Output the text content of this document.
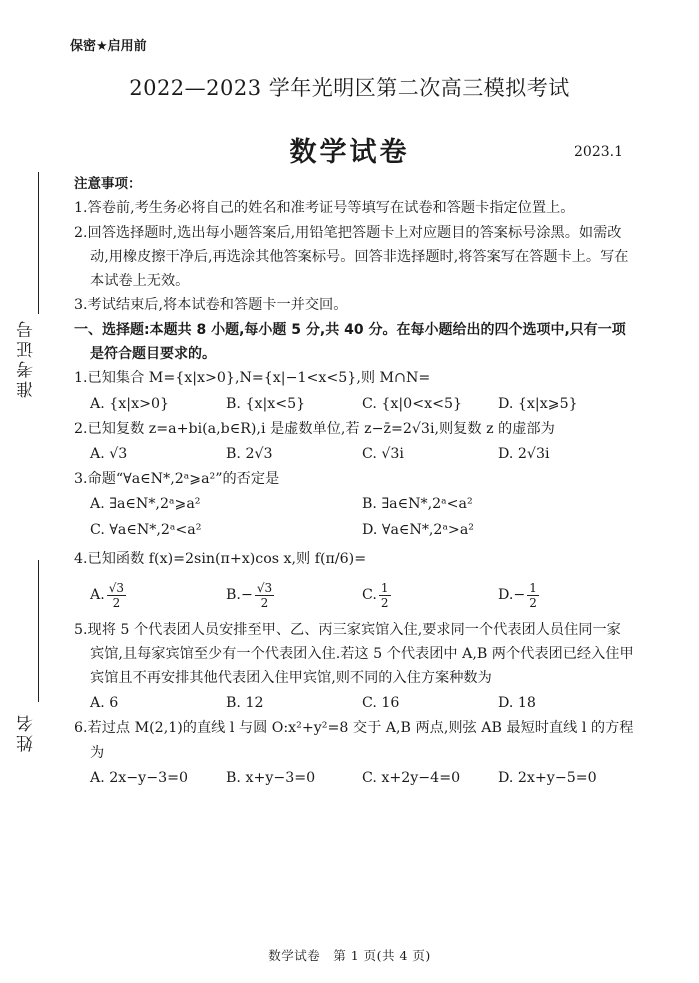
保密★启用前
2022—2023 学年光明区第二次高三模拟考试
数学试卷	2023.1
准考证号
姓名
注意事项：

1.答卷前,考生务必将自己的姓名和准考证号等填写在试卷和答题卡指定位置上。

2.回答选择题时,选出每小题答案后,用铅笔把答题卡上对应题目的答案标号涂黑。如需改动,用橡皮擦干净后,再选涂其他答案标号。回答非选择题时,将答案写在答题卡上。写在本试卷上无效。

3.考试结束后,将本试卷和答题卡一并交回。

一、选择题:本题共 8 小题,每小题 5 分,共 40 分。在每小题给出的四个选项中,只有一项是符合题目要求的。

1.已知集合 M={x|x>0},N={x|−1<x<5},则 M∩N=

A. {x|x>0}	B. {x|x<5}	C. {x|0<x<5}	D. {x|x⩾5}

2.已知复数 z=a+bi(a,b∈R),i 是虚数单位,若 z−z̄=2√3i,则复数 z 的虚部为

A. √3	B. 2√3	C. √3i	D. 2√3i

3.命题“∀a∈N*,2ᵃ⩾a²”的否定是

A. ∃a∈N*,2ᵃ⩾a²	B. ∃a∈N*,2ᵃ<a²
C. ∀a∈N*,2ᵃ<a²	D. ∀a∈N*,2ᵃ>a²

4.已知函数 f(x)=2sin(π+x)cos x,则 f(π/6)=

A. $\frac{√3}{2}$	B. − $\frac{√3}{2}$	C. $\frac{1}{2}$	D. − $\frac{1}{2}$

5.现将 5 个代表团人员安排至甲、乙、丙三家宾馆入住,要求同一个代表团人员住同一家宾馆,且每家宾馆至少有一个代表团入住.若这 5 个代表团中 A,B 两个代表团已经入住甲宾馆且不再安排其他代表团入住甲宾馆,则不同的入住方案种数为

A. 6	B. 12	C. 16	D. 18

6.若过点 M(2,1)的直线 l 与圆 O:x²+y²=8 交于 A,B 两点,则弦 AB 最短时直线 l 的方程为

A. 2x−y−3=0	B. x+y−3=0	C. x+2y−4=0	D. 2x+y−5=0
数学试卷　第 1 页(共 4 页)
